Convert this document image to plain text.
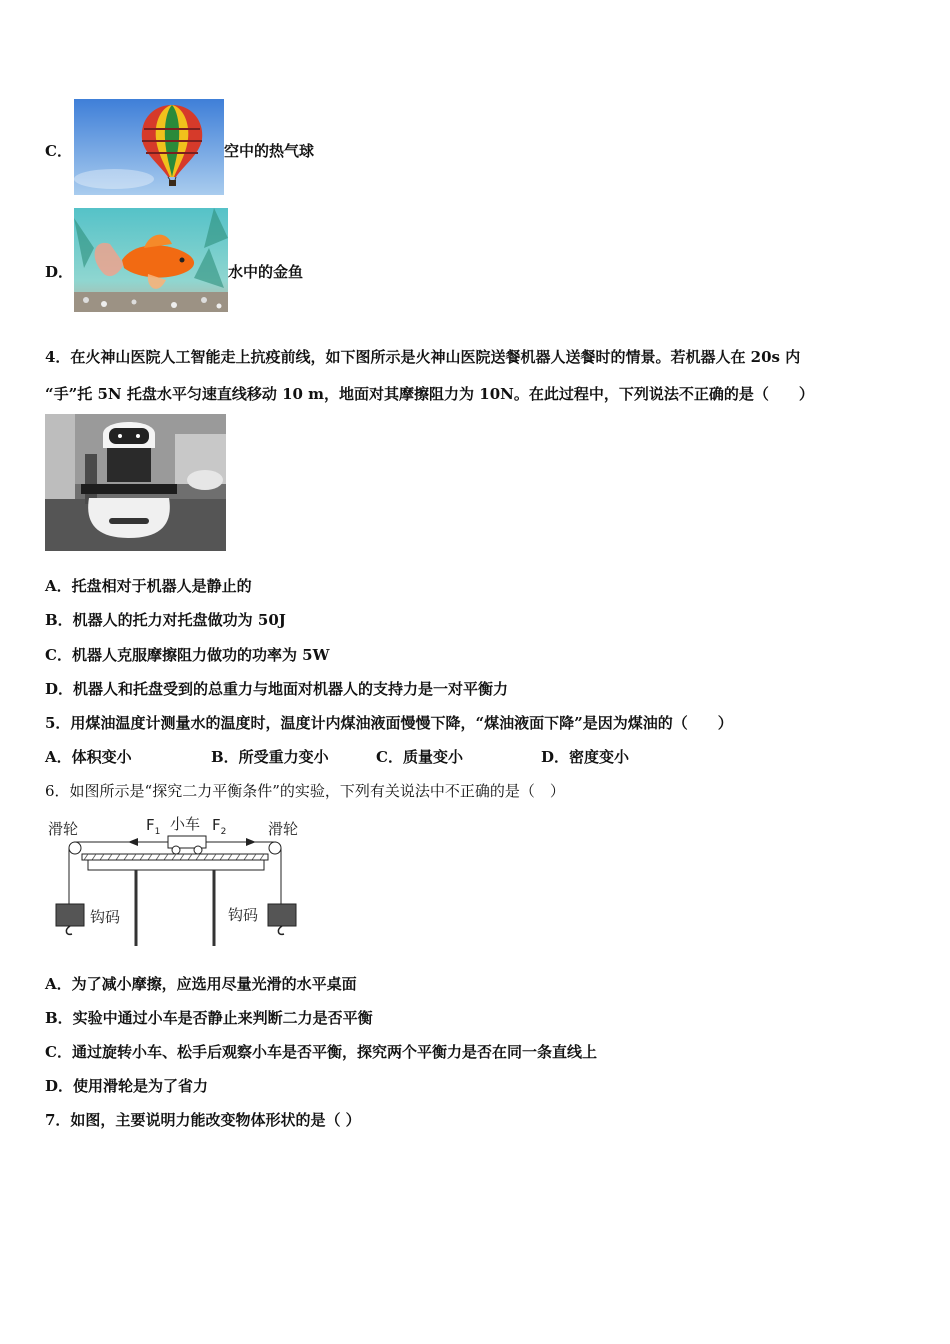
C．	空中的热气球
D．	水中的金鱼
4．在火神山医院人工智能走上抗疫前线，如下图所示是火神山医院送餐机器人送餐时的情景。若机器人在 20s 内
“手”托 5N 托盘水平匀速直线移动 10 m，地面对其摩擦阻力为 10N。在此过程中，下列说法不正确的是（　　）
A．托盘相对于机器人是静止的
B．机器人的托力对托盘做功为 50J
C．机器人克服摩擦阻力做功的功率为 5W
D．机器人和托盘受到的总重力与地面对机器人的支持力是一对平衡力
5．用煤油温度计测量水的温度时，温度计内煤油液面慢慢下降，“煤油液面下降”是因为煤油的（　　）
A．体积变小	B．所受重力变小	C．质量变小	D．密度变小
6．如图所示是“探究二力平衡条件”的实验，下列有关说法中不正确的是（　）
滑轮	滑轮
$F_1$ 小车 $F_2$
钩码	钩码
A．为了减小摩擦，应选用尽量光滑的水平桌面
B．实验中通过小车是否静止来判断二力是否平衡
C．通过旋转小车、松手后观察小车是否平衡，探究两个平衡力是否在同一条直线上
D．使用滑轮是为了省力
7．如图，主要说明力能改变物体形状的是（ ）
